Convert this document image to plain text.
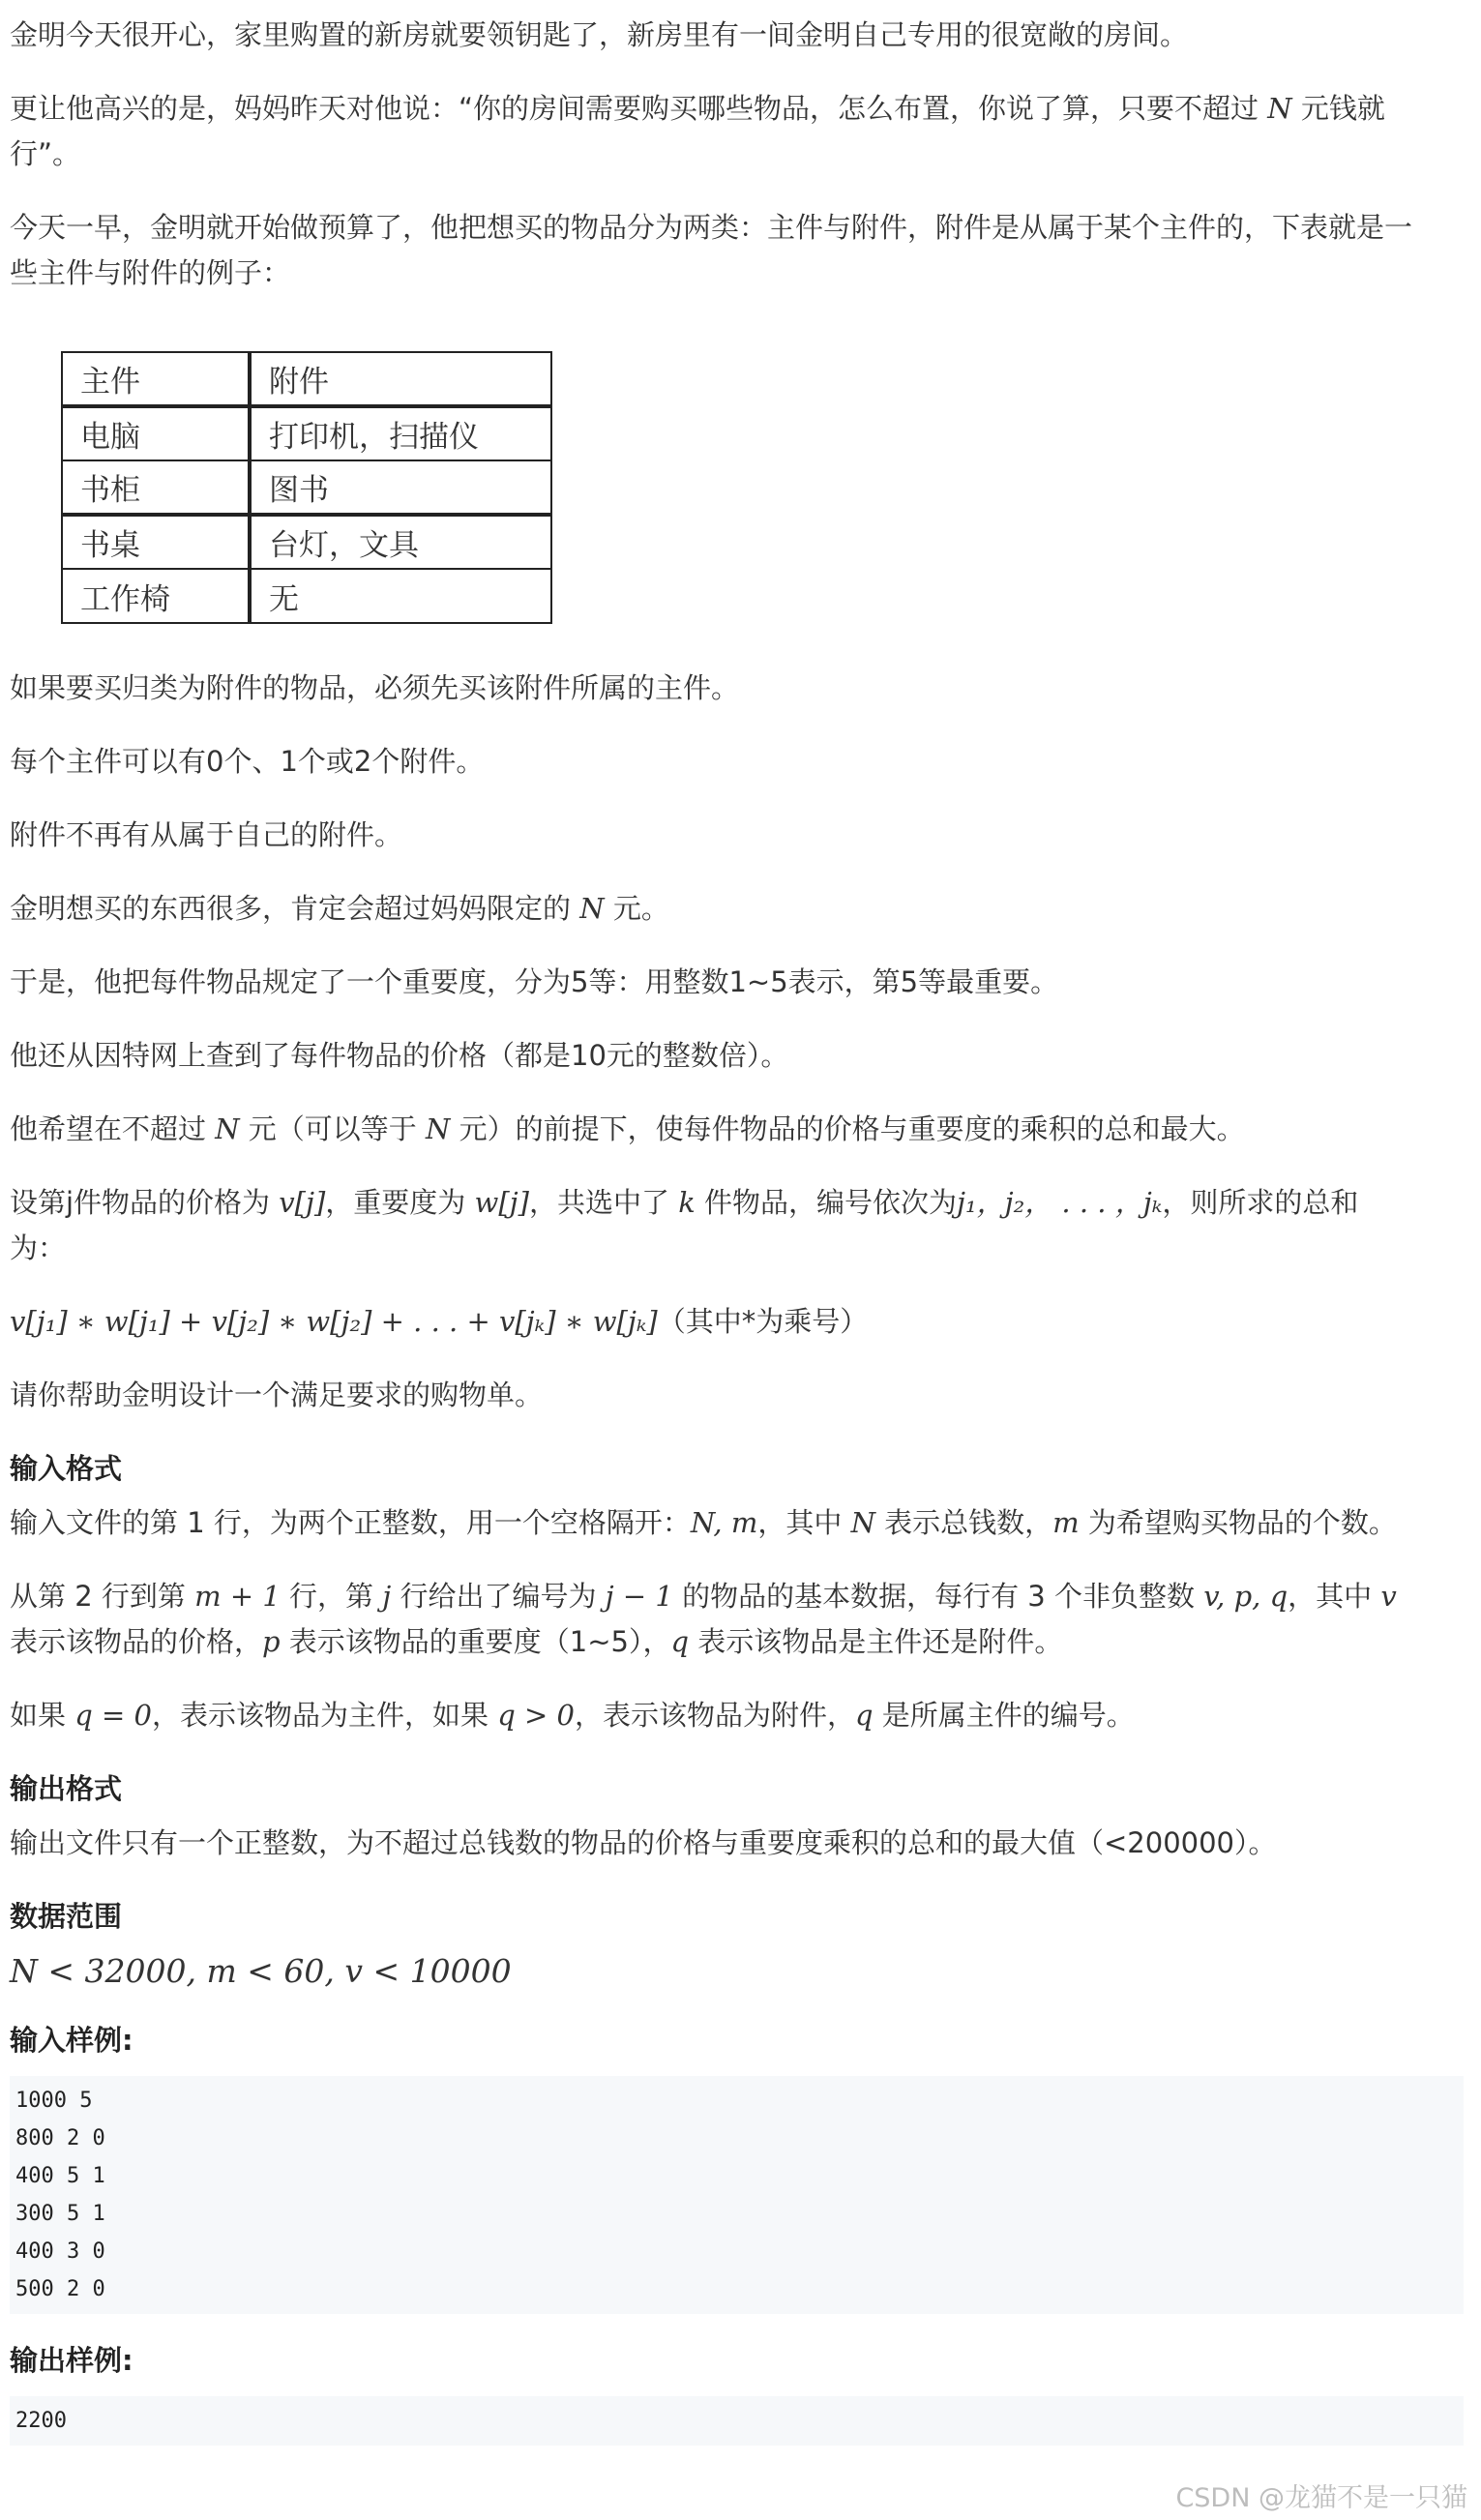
金明今天很开心，家里购置的新房就要领钥匙了，新房里有一间金明自己专用的很宽敞的房间。

更让他高兴的是，妈妈昨天对他说：“你的房间需要购买哪些物品，怎么布置，你说了算，只要不超过 N 元钱就
行”。

今天一早，金明就开始做预算了，他把想买的物品分为两类：主件与附件，附件是从属于某个主件的，下表就是一
些主件与附件的例子：

主件	附件
电脑	打印机，扫描仪
书柜	图书
书桌	台灯，文具
工作椅	无

如果要买归类为附件的物品，必须先买该附件所属的主件。

每个主件可以有0个、1个或2个附件。

附件不再有从属于自己的附件。

金明想买的东西很多，肯定会超过妈妈限定的 N 元。

于是，他把每件物品规定了一个重要度，分为5等：用整数1~5表示，第5等最重要。

他还从因特网上查到了每件物品的价格（都是10元的整数倍）。

他希望在不超过 N 元（可以等于 N 元）的前提下，使每件物品的价格与重要度的乘积的总和最大。

设第j件物品的价格为 v[j]，重要度为 w[j]，共选中了 k 件物品，编号依次为j₁，j₂， . . . ，jₖ，则所求的总和
为：

v[j₁] ∗ w[j₁] + v[j₂] ∗ w[j₂] + . . . + v[jₖ] ∗ w[jₖ]（其中*为乘号）

请你帮助金明设计一个满足要求的购物单。

输入格式

输入文件的第 1 行，为两个正整数，用一个空格隔开：N, m，其中 N 表示总钱数，m 为希望购买物品的个数。

从第 2 行到第 m + 1 行，第 j 行给出了编号为 j − 1 的物品的基本数据，每行有 3 个非负整数 v, p, q，其中 v
表示该物品的价格，p 表示该物品的重要度（1~5），q 表示该物品是主件还是附件。

如果 q = 0，表示该物品为主件，如果 q > 0，表示该物品为附件，q 是所属主件的编号。

输出格式

输出文件只有一个正整数，为不超过总钱数的物品的价格与重要度乘积的总和的最大值（<200000）。

数据范围

N < 32000, m < 60, v < 10000

输入样例:
1000 5
800 2 0
400 5 1
300 5 1
400 3 0
500 2 0
输出样例:
2200
CSDN @龙猫不是一只猫
